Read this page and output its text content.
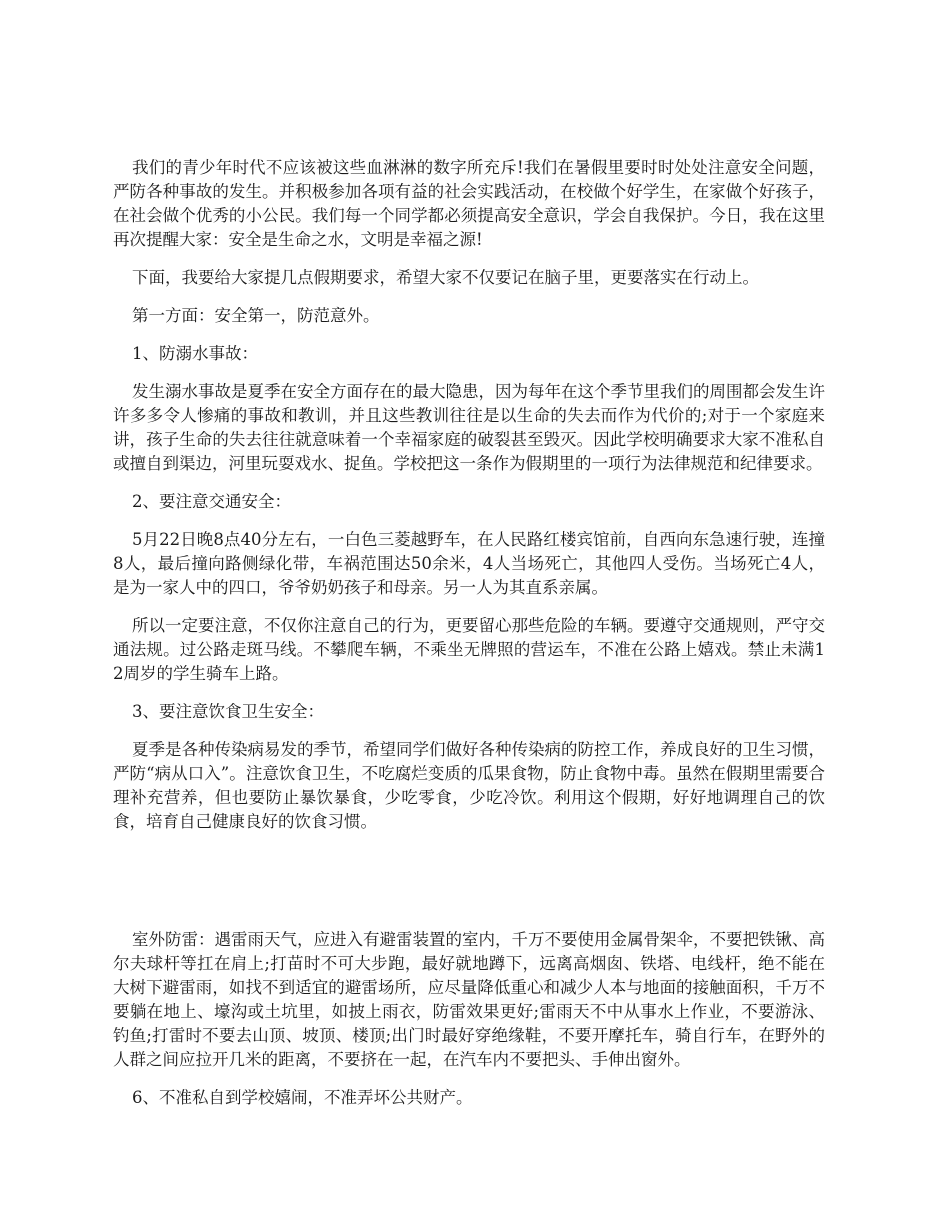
我们的青少年时代不应该被这些血淋淋的数字所充斥!我们在暑假里要时时处处注意安全问题，严防各种事故的发生。并积极参加各项有益的社会实践活动，在校做个好学生，在家做个好孩子，在社会做个优秀的小公民。我们每一个同学都必须提高安全意识，学会自我保护。今日，我在这里再次提醒大家：安全是生命之水，文明是幸福之源!

下面，我要给大家提几点假期要求，希望大家不仅要记在脑子里，更要落实在行动上。

第一方面：安全第一，防范意外。

1、防溺水事故：

发生溺水事故是夏季在安全方面存在的最大隐患，因为每年在这个季节里我们的周围都会发生许许多多令人惨痛的事故和教训，并且这些教训往往是以生命的失去而作为代价的;对于一个家庭来讲，孩子生命的失去往往就意味着一个幸福家庭的破裂甚至毁灭。因此学校明确要求大家不准私自或擅自到渠边，河里玩耍戏水、捉鱼。学校把这一条作为假期里的一项行为法律规范和纪律要求。

2、要注意交通安全：

5月22日晚8点40分左右，一白色三菱越野车，在人民路红楼宾馆前，自西向东急速行驶，连撞8人，最后撞向路侧绿化带，车祸范围达50余米，4人当场死亡，其他四人受伤。当场死亡4人，是为一家人中的四口，爷爷奶奶孩子和母亲。另一人为其直系亲属。

所以一定要注意，不仅你注意自己的行为，更要留心那些危险的车辆。要遵守交通规则，严守交通法规。过公路走斑马线。不攀爬车辆，不乘坐无牌照的营运车，不准在公路上嬉戏。禁止未满12周岁的学生骑车上路。

3、要注意饮食卫生安全：

夏季是各种传染病易发的季节，希望同学们做好各种传染病的防控工作，养成良好的卫生习惯，严防“病从口入”。注意饮食卫生，不吃腐烂变质的瓜果食物，防止食物中毒。虽然在假期里需要合理补充营养，但也要防止暴饮暴食，少吃零食，少吃冷饮。利用这个假期，好好地调理自己的饮食，培育自己健康良好的饮食习惯。

室外防雷：遇雷雨天气，应进入有避雷装置的室内，千万不要使用金属骨架伞，不要把铁锹、高尔夫球杆等扛在肩上;打苗时不可大步跑，最好就地蹲下，远离高烟囱、铁塔、电线杆，绝不能在大树下避雷雨，如找不到适宜的避雷场所，应尽量降低重心和减少人本与地面的接触面积，千万不要躺在地上、壕沟或土坑里，如披上雨衣，防雷效果更好;雷雨天不中从事水上作业，不要游泳、钓鱼;打雷时不要去山顶、坡顶、楼顶;出门时最好穿绝缘鞋，不要开摩托车，骑自行车，在野外的人群之间应拉开几米的距离，不要挤在一起，在汽车内不要把头、手伸出窗外。

6、不准私自到学校嬉闹，不准弄坏公共财产。
